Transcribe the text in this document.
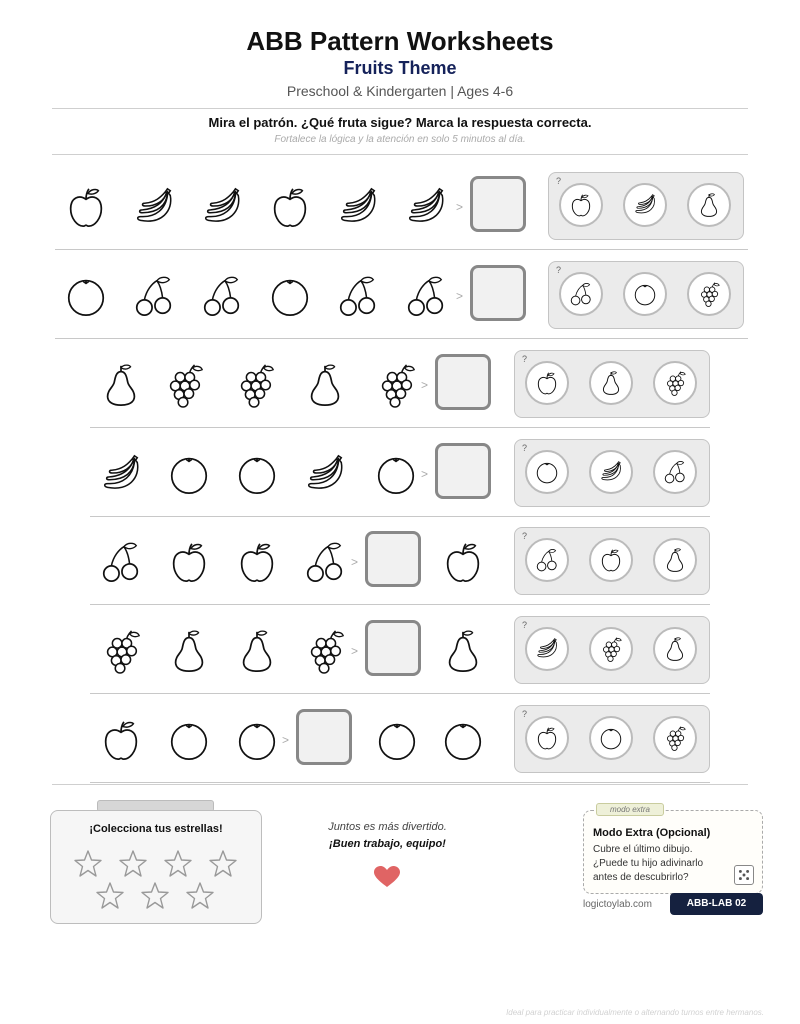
ABB Pattern Worksheets
Fruits Theme
Preschool & Kindergarten | Ages 4-6
Mira el patrón. ¿Qué fruta sigue? Marca la respuesta correcta.
Fortalece la lógica y la atención en solo 5 minutos al día.
>
?
>
?
>
?
>
?
>
?
>
?
>
?
¡Colecciona tus estrellas!	Juntos es más divertido.
¡Buen trabajo, equipo!
Modo Extra (Opcional)
Cubre el último dibujo.
¿Puede tu hijo adivinarlo
antes de descubrirlo?
modo extra
logictoylab.com	ABB-LAB 02
Ideal para practicar individualmente o alternando turnos entre hermanos.
